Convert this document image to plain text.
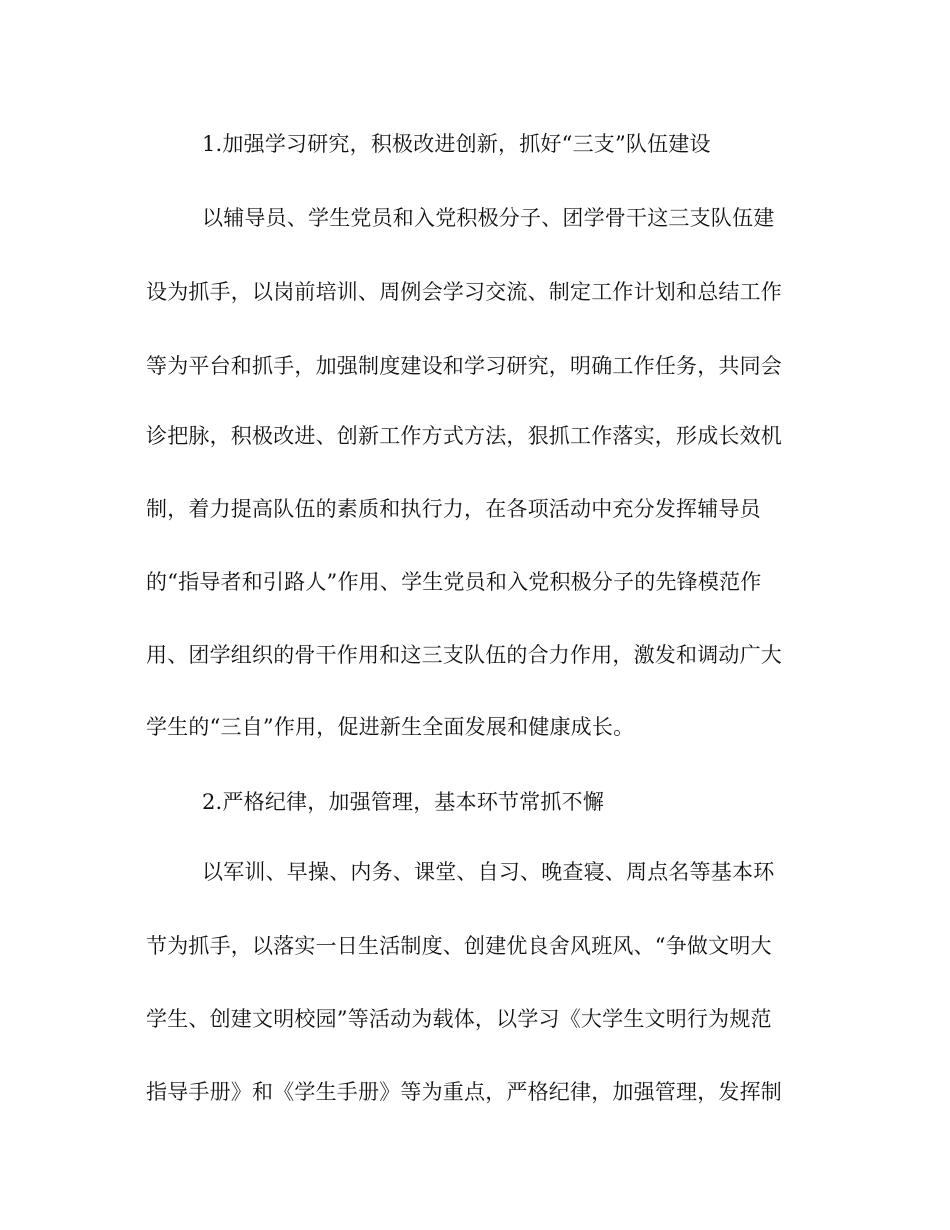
1.加强学习研究，积极改进创新，抓好“三支”队伍建设
以辅导员、学生党员和入党积极分子、团学骨干这三支队伍建
设为抓手，以岗前培训、周例会学习交流、制定工作计划和总结工作
等为平台和抓手，加强制度建设和学习研究，明确工作任务，共同会
诊把脉，积极改进、创新工作方式方法，狠抓工作落实，形成长效机
制，着力提高队伍的素质和执行力，在各项活动中充分发挥辅导员
的“指导者和引路人”作用、学生党员和入党积极分子的先锋模范作
用、团学组织的骨干作用和这三支队伍的合力作用，激发和调动广大
学生的“三自”作用，促进新生全面发展和健康成长。
2.严格纪律，加强管理，基本环节常抓不懈
以军训、早操、内务、课堂、自习、晚查寝、周点名等基本环
节为抓手，以落实一日生活制度、创建优良舍风班风、“争做文明大
学生、创建文明校园”等活动为载体，以学习《大学生文明行为规范
指导手册》和《学生手册》等为重点，严格纪律，加强管理，发挥制
